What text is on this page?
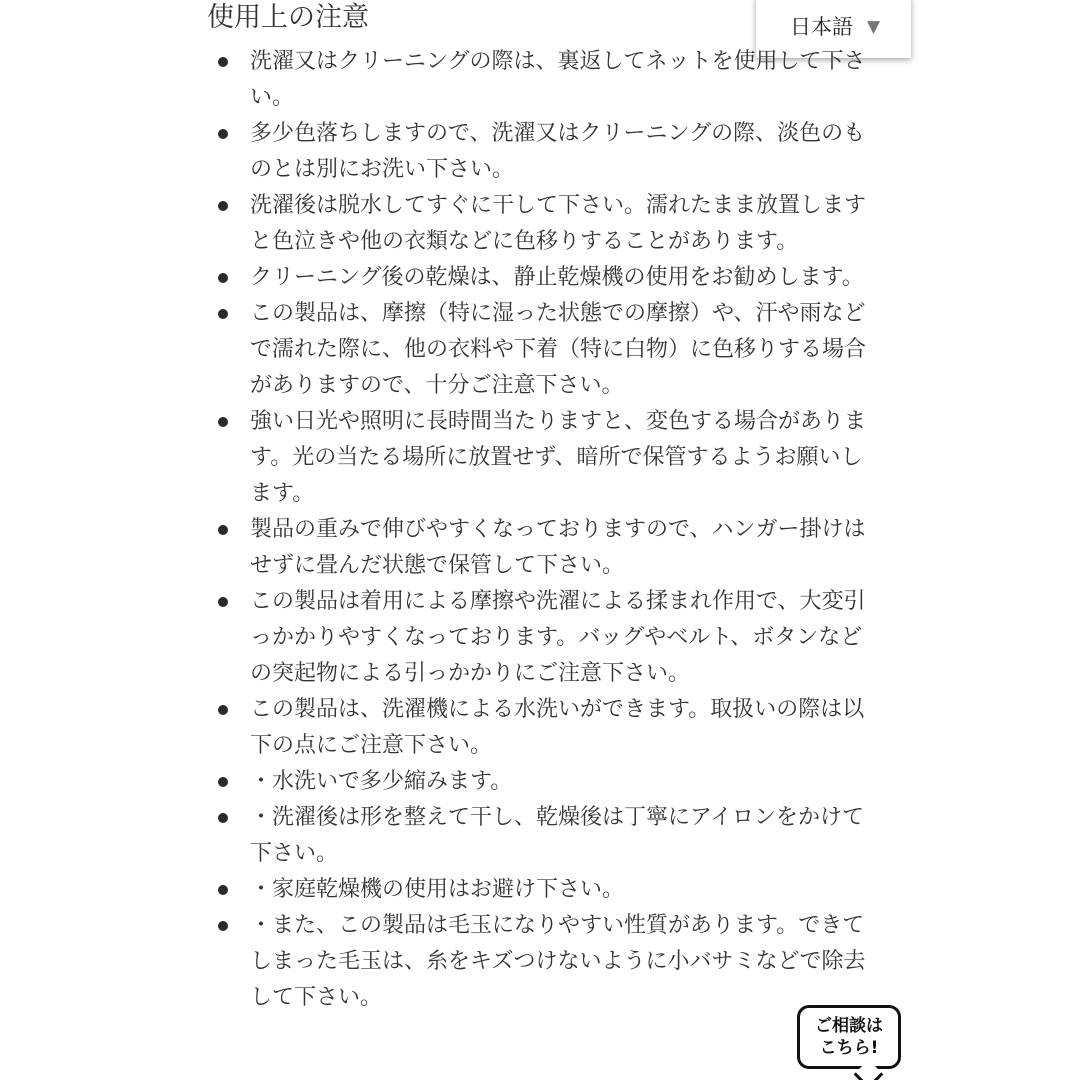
使用上の注意	日本語 ▼
洗濯又はクリーニングの際は、裏返してネットを使用して下さい。
多少色落ちしますので、洗濯又はクリーニングの際、淡色のものとは別にお洗い下さい。
洗濯後は脱水してすぐに干して下さい。濡れたまま放置しますと色泣きや他の衣類などに色移りすることがあります。
クリーニング後の乾燥は、静止乾燥機の使用をお勧めします。
この製品は、摩擦（特に湿った状態での摩擦）や、汗や雨などで濡れた際に、他の衣料や下着（特に白物）に色移りする場合がありますので、十分ご注意下さい。
強い日光や照明に長時間当たりますと、変色する場合があります。光の当たる場所に放置せず、暗所で保管するようお願いします。
製品の重みで伸びやすくなっておりますので、ハンガー掛けはせずに畳んだ状態で保管して下さい。
この製品は着用による摩擦や洗濯による揉まれ作用で、大変引っかかりやすくなっております。バッグやベルト、ボタンなどの突起物による引っかかりにご注意下さい。
この製品は、洗濯機による水洗いができます。取扱いの際は以下の点にご注意下さい。
・水洗いで多少縮みます。
・洗濯後は形を整えて干し、乾燥後は丁寧にアイロンをかけて下さい。
・家庭乾燥機の使用はお避け下さい。
・また、この製品は毛玉になりやすい性質があります。できてしまった毛玉は、糸をキズつけないように小バサミなどで除去して下さい。
ご相談は
こちら!
